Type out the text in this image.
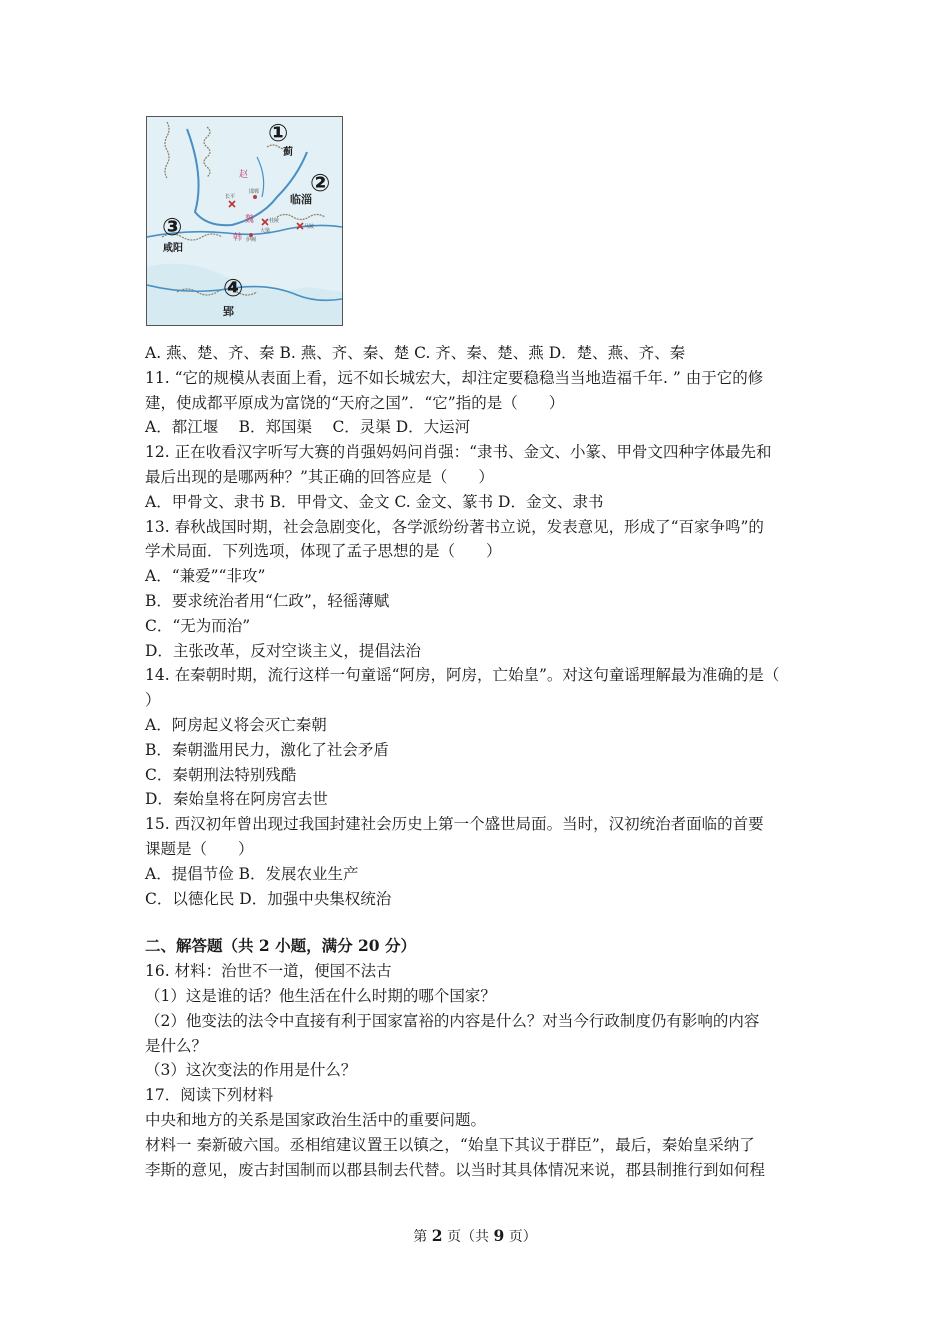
①
②
③
④
蓟
临淄
咸阳
郢
赵
魏
韩
长平
邯郸
桂陵
大梁
马陵
伊阙
A. 燕、楚、齐、秦 B. 燕、齐、秦、楚 C. 齐、秦、楚、燕 D．楚、燕、齐、秦
11. “它的规模从表面上看，远不如长城宏大，却注定要稳稳当当地造福千年. ” 由于它的修
建，使成都平原成为富饶的“天府之国”．“它”指的是（　　）
A．都江堰　 B．郑国渠　 C．灵渠 D．大运河
12. 正在收看汉字听写大赛的肖强妈妈问肖强：“隶书、金文、小篆、甲骨文四种字体最先和
最后出现的是哪两种？”其正确的回答应是（　　）
A．甲骨文、隶书 B．甲骨文、金文 C. 金文、篆书 D．金文、隶书
13. 春秋战国时期，社会急剧变化，各学派纷纷著书立说，发表意见，形成了“百家争鸣”的
学术局面．下列选项，体现了孟子思想的是（　　）
A．“兼爱”“非攻”
B．要求统治者用“仁政”，轻徭薄赋
C．“无为而治”
D．主张改革，反对空谈主义，提倡法治
14. 在秦朝时期，流行这样一句童谣“阿房，阿房，亡始皇”。对这句童谣理解最为准确的是（
）
A．阿房起义将会灭亡秦朝
B．秦朝滥用民力，激化了社会矛盾
C．秦朝刑法特别残酷
D．秦始皇将在阿房宫去世
15. 西汉初年曾出现过我国封建社会历史上第一个盛世局面。当时，汉初统治者面临的首要
课题是（　　）
A．提倡节俭 B．发展农业生产
C．以德化民 D．加强中央集权统治
二、解答题（共 2 小题，满分 20 分）
16. 材料：治世不一道，便国不法古
（1）这是谁的话？他生活在什么时期的哪个国家？
（2）他变法的法令中直接有利于国家富裕的内容是什么？对当今行政制度仍有影响的内容
是什么？
（3）这次变法的作用是什么？
17．阅读下列材料
中央和地方的关系是国家政治生活中的重要问题。
材料一 秦新破六国。丞相绾建议置王以镇之，“始皇下其议于群臣”，最后，秦始皇采纳了
李斯的意见，废古封国制而以郡县制去代替。以当时其具体情况来说，郡县制推行到如何程
第 2 页（共 9 页）
